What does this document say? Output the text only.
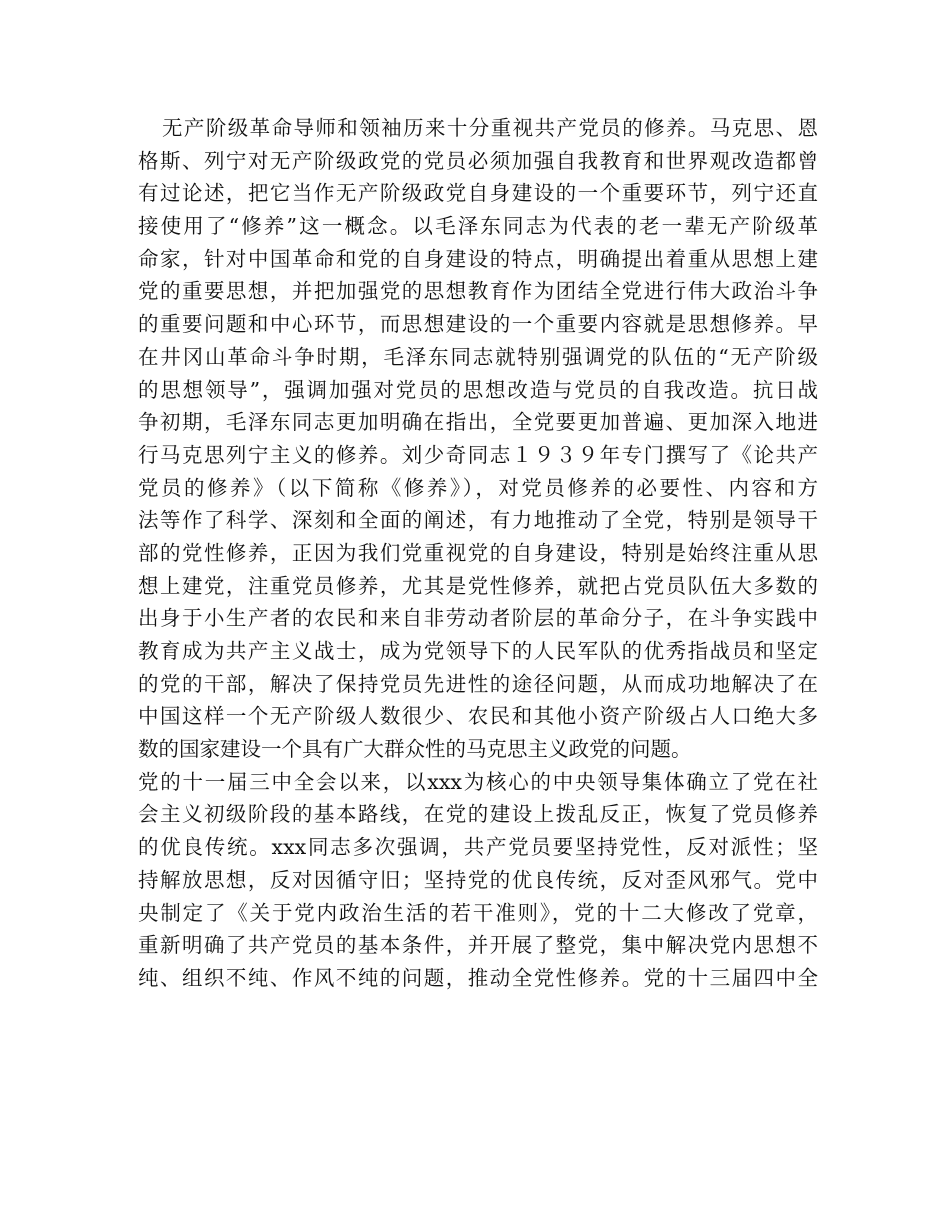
无产阶级革命导师和领袖历来十分重视共产党员的修养。马克思、恩
格斯、列宁对无产阶级政党的党员必须加强自我教育和世界观改造都曾
有过论述，把它当作无产阶级政党自身建设的一个重要环节，列宁还直
接使用了“修养”这一概念。以毛泽东同志为代表的老一辈无产阶级革
命家，针对中国革命和党的自身建设的特点，明确提出着重从思想上建
党的重要思想，并把加强党的思想教育作为团结全党进行伟大政治斗争
的重要问题和中心环节，而思想建设的一个重要内容就是思想修养。早
在井冈山革命斗争时期，毛泽东同志就特别强调党的队伍的“无产阶级
的思想领导”，强调加强对党员的思想改造与党员的自我改造。抗日战
争初期，毛泽东同志更加明确在指出，全党要更加普遍、更加深入地进
行马克思列宁主义的修养。刘少奇同志１９３９年专门撰写了《论共产
党员的修养》（以下简称《修养》），对党员修养的必要性、内容和方
法等作了科学、深刻和全面的阐述，有力地推动了全党，特别是领导干
部的党性修养，正因为我们党重视党的自身建设，特别是始终注重从思
想上建党，注重党员修养，尤其是党性修养，就把占党员队伍大多数的
出身于小生产者的农民和来自非劳动者阶层的革命分子，在斗争实践中
教育成为共产主义战士，成为党领导下的人民军队的优秀指战员和坚定
的党的干部，解决了保持党员先进性的途径问题，从而成功地解决了在
中国这样一个无产阶级人数很少、农民和其他小资产阶级占人口绝大多
数的国家建设一个具有广大群众性的马克思主义政党的问题。
党的十一届三中全会以来，以xxx为核心的中央领导集体确立了党在社
会主义初级阶段的基本路线，在党的建设上拨乱反正，恢复了党员修养
的优良传统。xxx同志多次强调，共产党员要坚持党性，反对派性；坚
持解放思想，反对因循守旧；坚持党的优良传统，反对歪风邪气。党中
央制定了《关于党内政治生活的若干准则》，党的十二大修改了党章，
重新明确了共产党员的基本条件，并开展了整党，集中解决党内思想不
纯、组织不纯、作风不纯的问题，推动全党性修养。党的十三届四中全
